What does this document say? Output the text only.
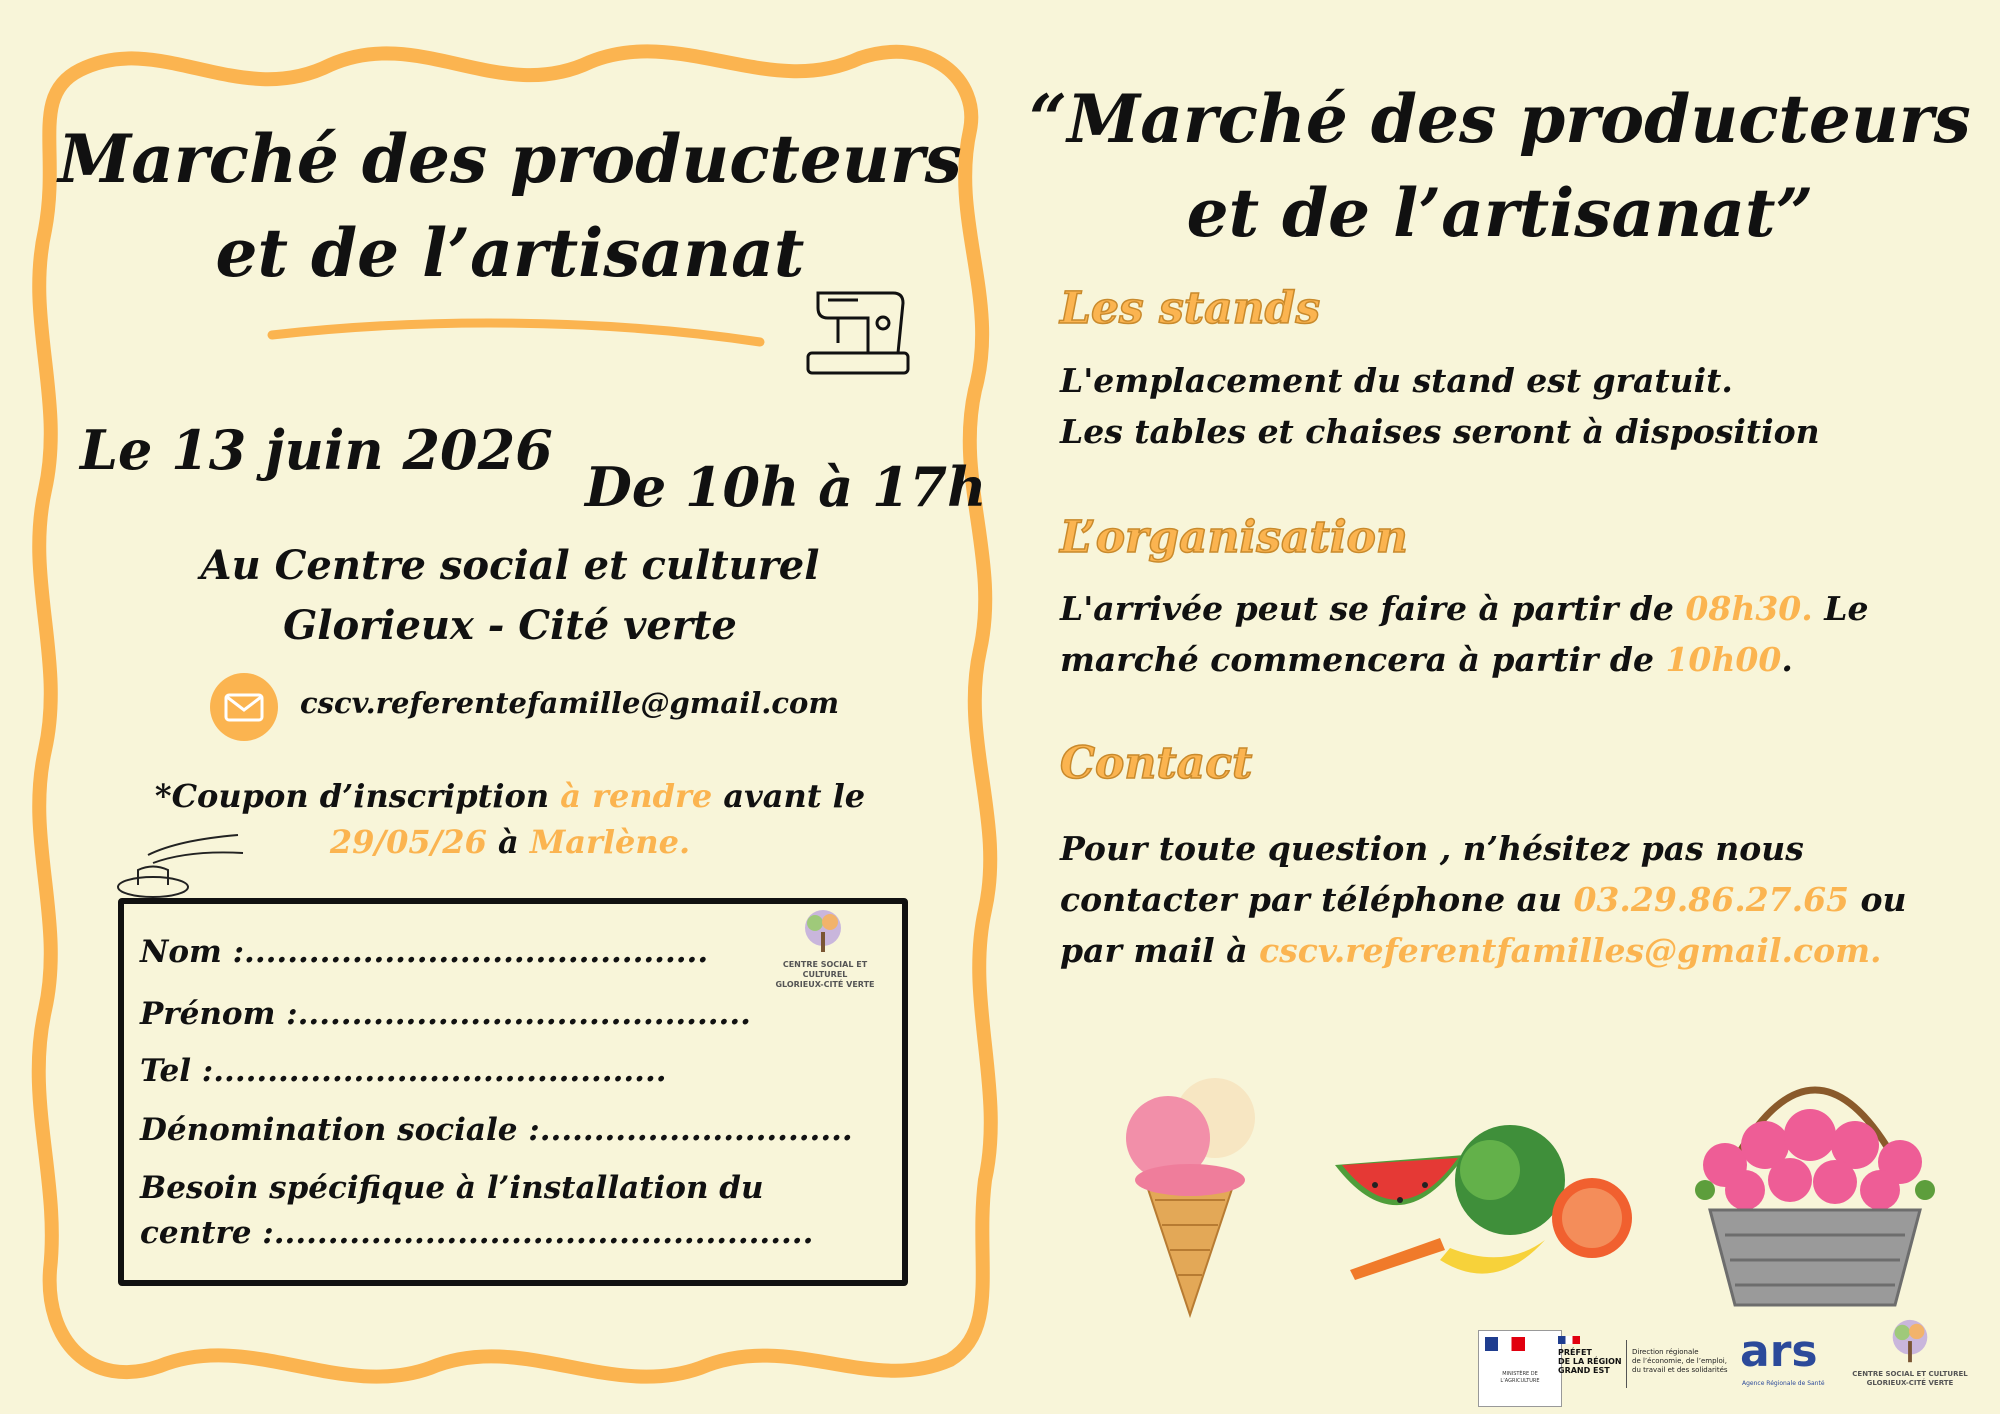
Marché des producteurs
et de l’artisanat
Le 13 juin 2026
De 10h à 17h
Au Centre social et culturel
Glorieux - Cité verte
cscv.referentefamille@gmail.com
*Coupon d’inscription à rendre avant le
29/05/26 à Marlène.
Nom :...........................................
Prénom :..........................................
Tel :..........................................
Dénomination sociale :.............................
Besoin spécifique à l’installation du
centre :..................................................
CENTRE SOCIAL ET CULTUREL
GLORIEUX-CITÉ VERTE
“Marché des producteurs
et de l’artisanat”
Les stands
L'emplacement du stand est gratuit.
Les tables et chaises seront à disposition
L’organisation
L'arrivée peut se faire à partir de 08h30. Le
marché commencera à partir de 10h00.
Contact
Pour toute question , n’hésitez pas nous
contacter par téléphone au 03.29.86.27.65 ou
par mail à cscv.referentfamilles@gmail.com.
MINISTÈRE DE L’AGRICULTURE
PRÉFET
DE LA RÉGION
GRAND EST
Direction régionale
de l’économie, de l’emploi,
du travail et des solidarités ars
Agence Régionale de Santé
CENTRE SOCIAL ET CULTUREL
GLORIEUX-CITÉ VERTE
